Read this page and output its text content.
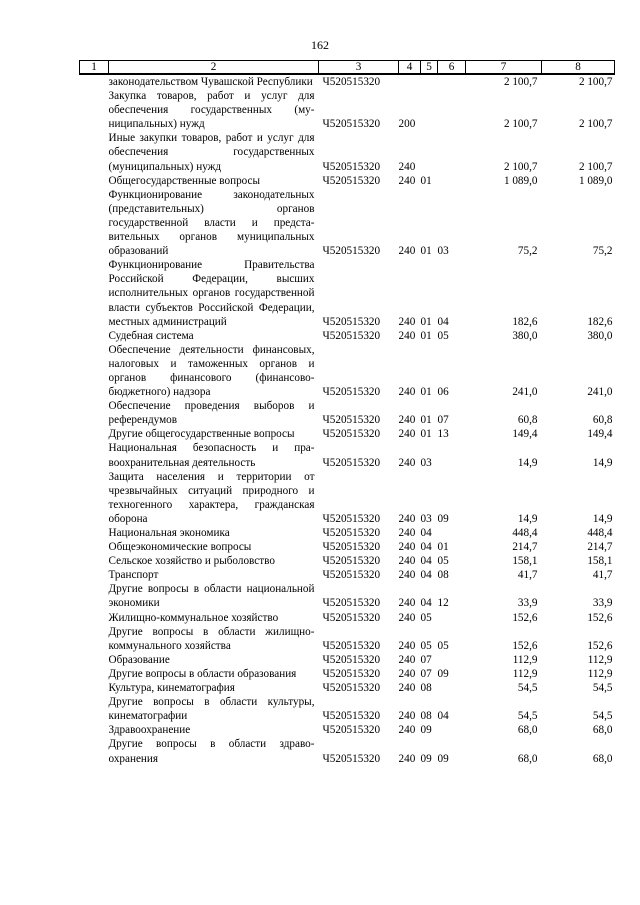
162
1	2	3	4	5	6	7	8
	законодательством Чувашской Республики	Ч520515320				2 100,7	2 100,7
	Закупка товаров, работ и услуг для обеспечения государственных (муниципальных) нужд	Ч520515320	200			2 100,7	2 100,7
	Иные закупки товаров, работ и услуг для обеспечения государственных (муниципальных) нужд	Ч520515320	240			2 100,7	2 100,7
	Общегосударственные вопросы	Ч520515320	240	01		1 089,0	1 089,0
	Функционирование законодательных (представительных) органов государственной власти и представительных органов муниципальных образований	Ч520515320	240	01	03	75,2	75,2
	Функционирование Правительства Российской Федерации, высших исполнительных органов государственной власти субъектов Российской Федерации, местных администраций	Ч520515320	240	01	04	182,6	182,6
	Судебная система	Ч520515320	240	01	05	380,0	380,0
	Обеспечение деятельности финансовых, налоговых и таможенных органов и органов финансового (финансово-бюджетного) надзора	Ч520515320	240	01	06	241,0	241,0
	Обеспечение проведения выборов и референдумов	Ч520515320	240	01	07	60,8	60,8
	Другие общегосударственные вопросы	Ч520515320	240	01	13	149,4	149,4
	Национальная безопасность и правоохранительная деятельность	Ч520515320	240	03		14,9	14,9
	Защита населения и территории от чрезвычайных ситуаций природного и техногенного характера, гражданская оборона	Ч520515320	240	03	09	14,9	14,9
	Национальная экономика	Ч520515320	240	04		448,4	448,4
	Общеэкономические вопросы	Ч520515320	240	04	01	214,7	214,7
	Сельское хозяйство и рыболовство	Ч520515320	240	04	05	158,1	158,1
	Транспорт	Ч520515320	240	04	08	41,7	41,7
	Другие вопросы в области национальной экономики	Ч520515320	240	04	12	33,9	33,9
	Жилищно-коммунальное хозяйство	Ч520515320	240	05		152,6	152,6
	Другие вопросы в области жилищно-коммунального хозяйства	Ч520515320	240	05	05	152,6	152,6
	Образование	Ч520515320	240	07		112,9	112,9
	Другие вопросы в области образования	Ч520515320	240	07	09	112,9	112,9
	Культура, кинематография	Ч520515320	240	08		54,5	54,5
	Другие вопросы в области культуры, кинематографии	Ч520515320	240	08	04	54,5	54,5
	Здравоохранение	Ч520515320	240	09		68,0	68,0
	Другие вопросы в области здравоохранения	Ч520515320	240	09	09	68,0	68,0
